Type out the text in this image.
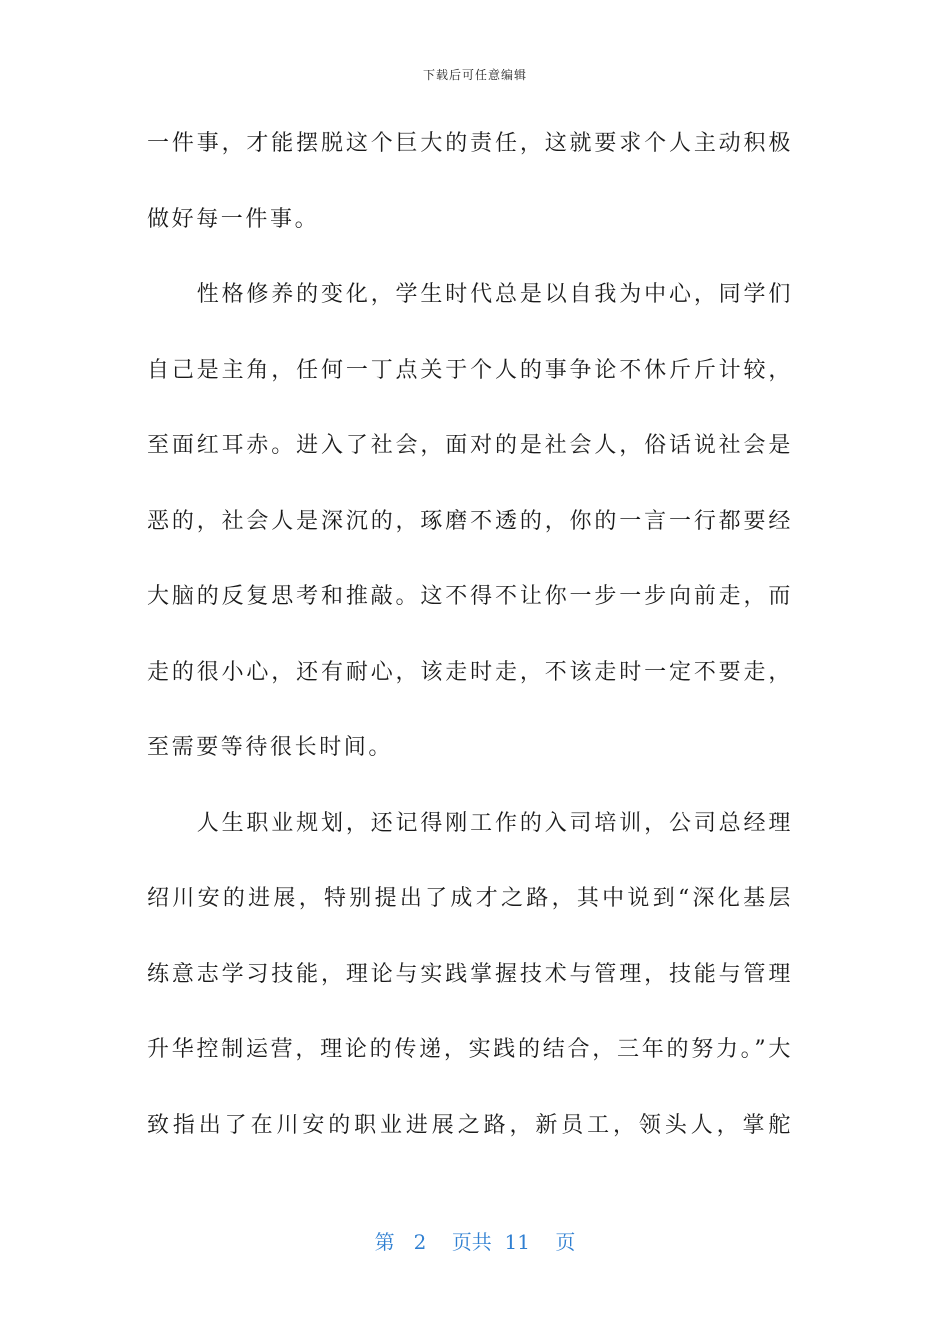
下载后可任意编辑
一件事，才能摆脱这个巨大的责任，这就要求个人主动积极
做好每一件事。
　　性格修养的变化，学生时代总是以自我为中心，同学们
自己是主角，任何一丁点关于个人的事争论不休斤斤计较，
至面红耳赤。进入了社会，面对的是社会人，俗话说社会是
恶的，社会人是深沉的，琢磨不透的，你的一言一行都要经
大脑的反复思考和推敲。这不得不让你一步一步向前走，而
走的很小心，还有耐心，该走时走，不该走时一定不要走，
至需要等待很长时间。
　　人生职业规划，还记得刚工作的入司培训，公司总经理
绍川安的进展，特别提出了成才之路，其中说到“深化基层
练意志学习技能，理论与实践掌握技术与管理，技能与管理
升华控制运营，理论的传递，实践的结合，三年的努力。”大
致指出了在川安的职业进展之路，新员工，领头人，掌舵
第 2 页共 11 页
